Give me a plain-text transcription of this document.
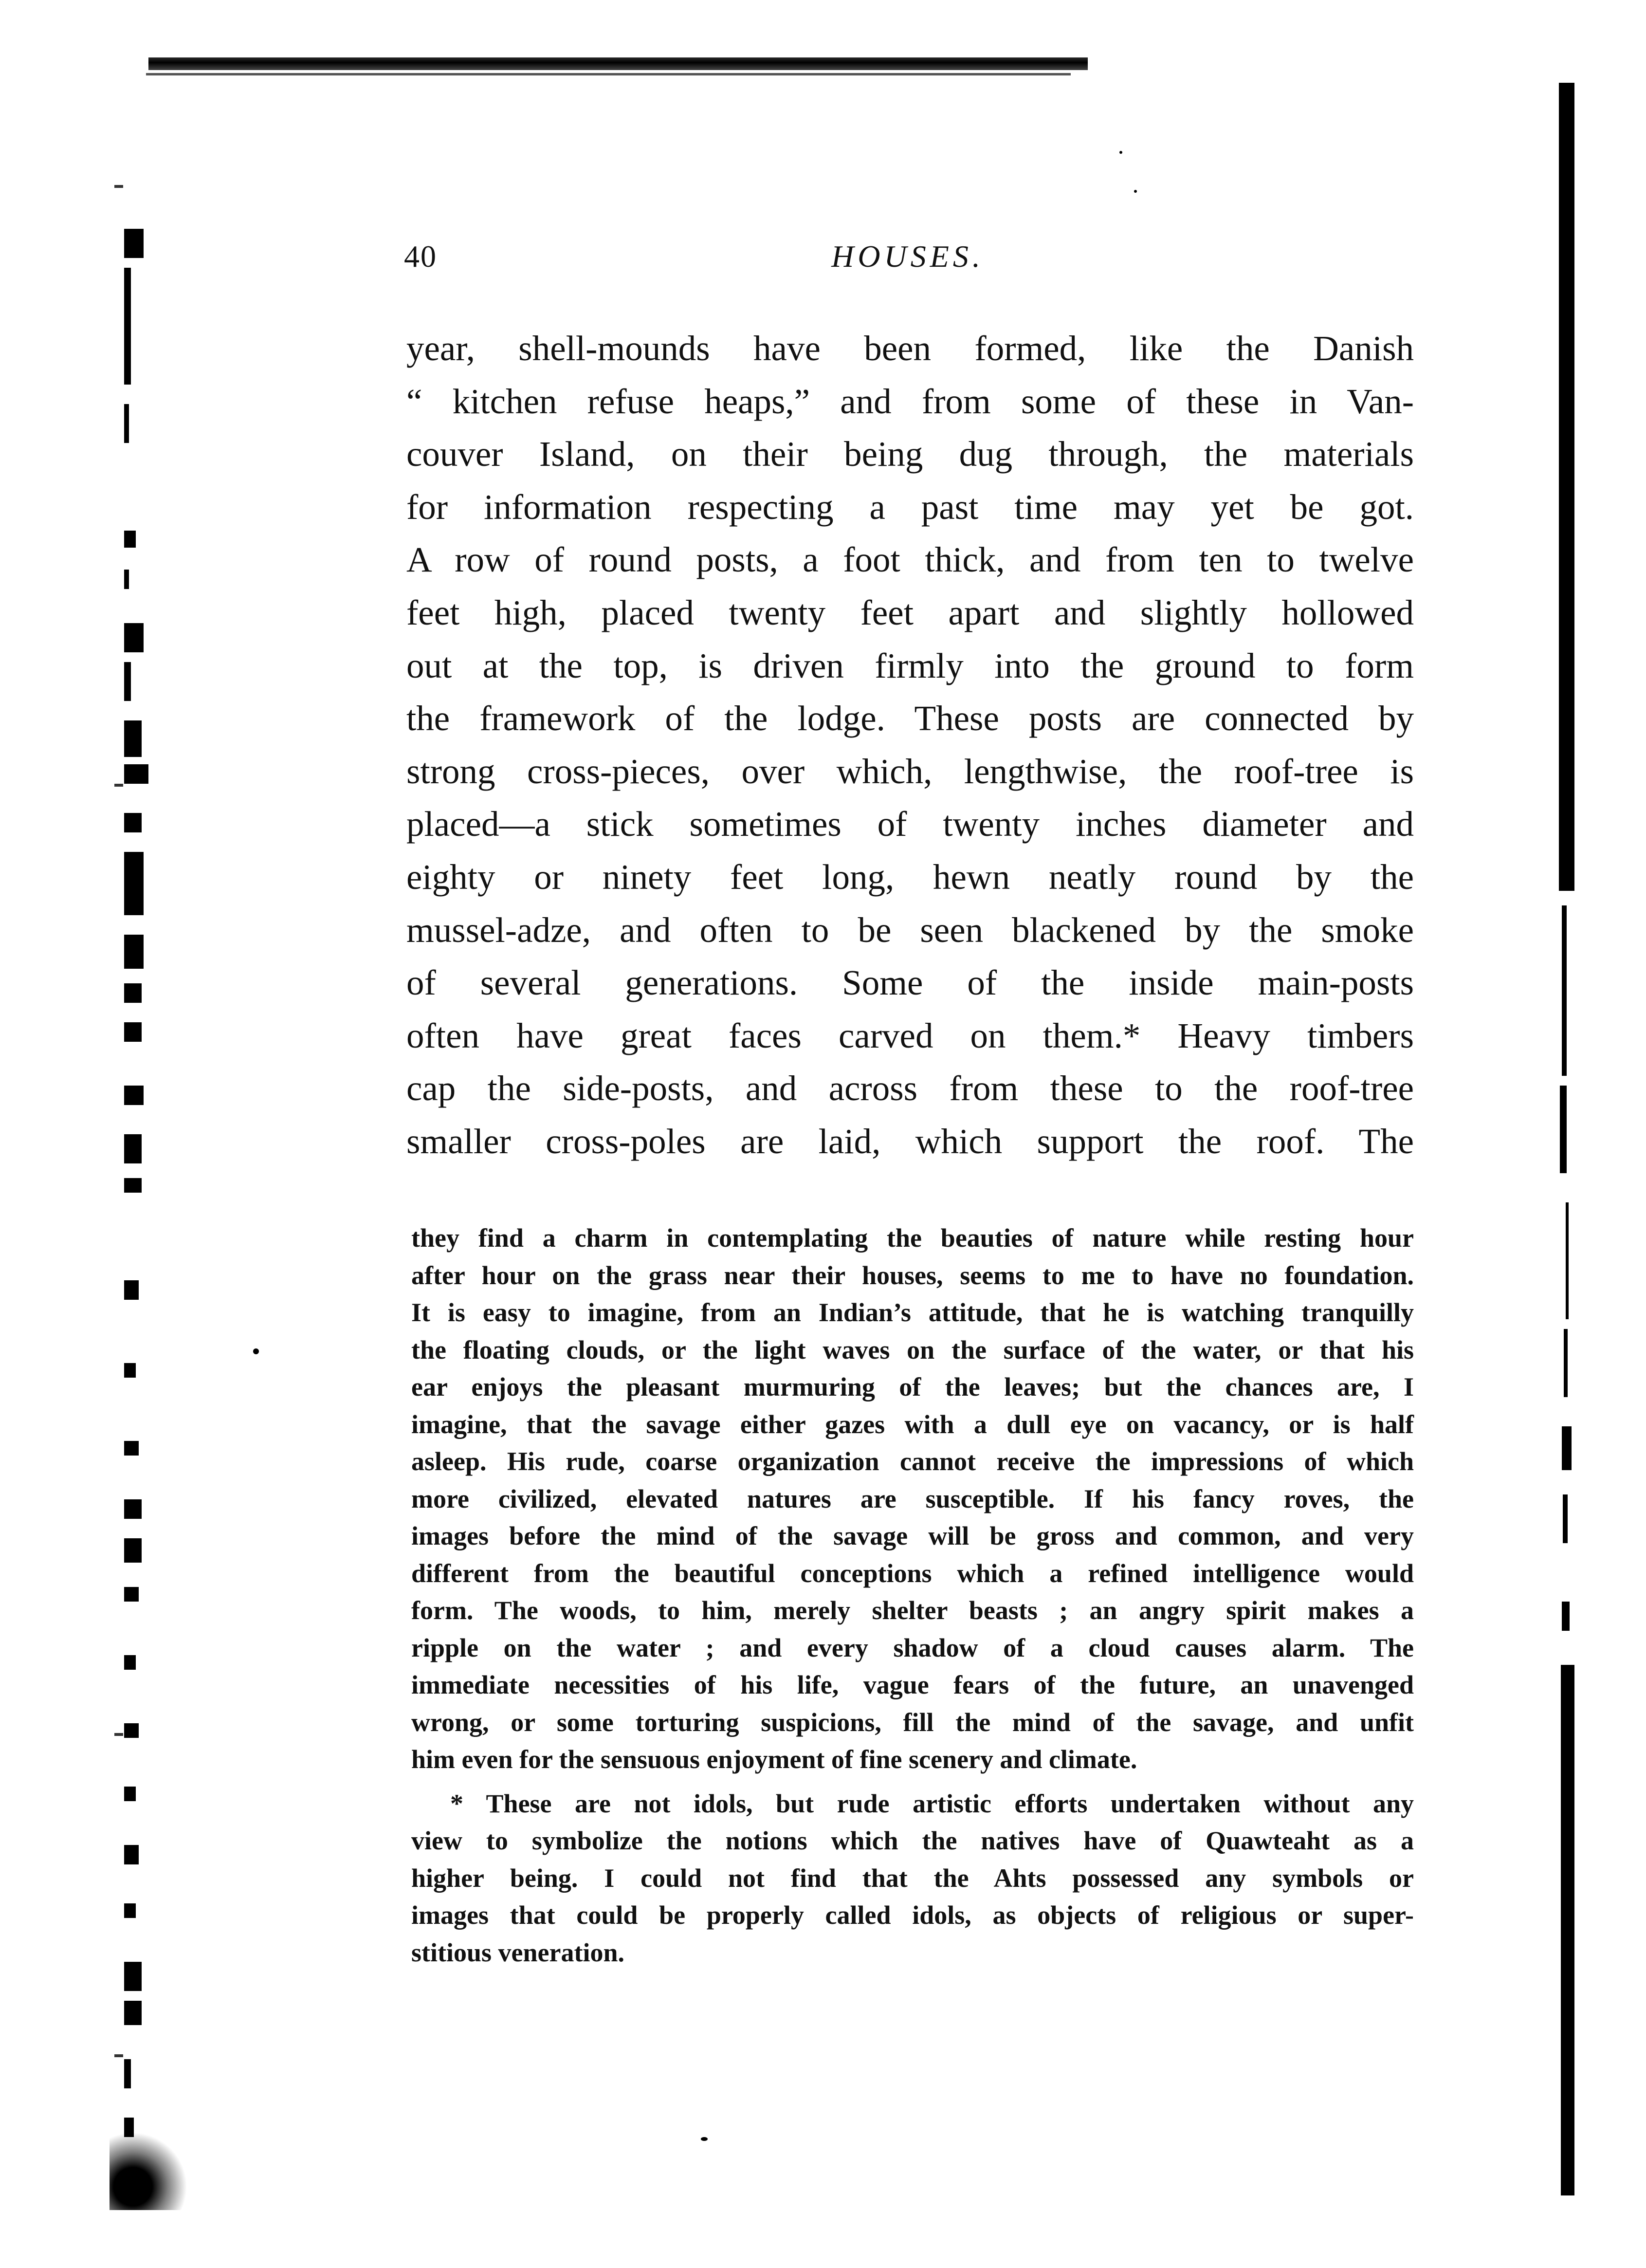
40	HOUSES.
year, shell-mounds have been formed, like the Danish
“ kitchen refuse heaps,” and from some of these in Van-
couver Island, on their being dug through, the materials
for information respecting a past time may yet be got.
A row of round posts, a foot thick, and from ten to twelve
feet high, placed twenty feet apart and slightly hollowed
out at the top, is driven firmly into the ground to form
the framework of the lodge. These posts are connected by
strong cross-pieces, over which, lengthwise, the roof-tree is
placed—a stick sometimes of twenty inches diameter and
eighty or ninety feet long, hewn neatly round by the
mussel-adze, and often to be seen blackened by the smoke
of several generations. Some of the inside main-posts
often have great faces carved on them.* Heavy timbers
cap the side-posts, and across from these to the roof-tree
smaller cross-poles are laid, which support the roof. The
they find a charm in contemplating the beauties of nature while resting hour
after hour on the grass near their houses, seems to me to have no foundation.
It is easy to imagine, from an Indian’s attitude, that he is watching tranquilly
the floating clouds, or the light waves on the surface of the water, or that his
ear enjoys the pleasant murmuring of the leaves; but the chances are, I
imagine, that the savage either gazes with a dull eye on vacancy, or is half
asleep. His rude, coarse organization cannot receive the impressions of which
more civilized, elevated natures are susceptible. If his fancy roves, the
images before the mind of the savage will be gross and common, and very
different from the beautiful conceptions which a refined intelligence would
form. The woods, to him, merely shelter beasts ; an angry spirit makes a
ripple on the water ; and every shadow of a cloud causes alarm. The
immediate necessities of his life, vague fears of the future, an unavenged
wrong, or some torturing suspicions, fill the mind of the savage, and unfit
him even for the sensuous enjoyment of fine scenery and climate.
* These are not idols, but rude artistic efforts undertaken without any
view to symbolize the notions which the natives have of Quawteaht as a
higher being. I could not find that the Ahts possessed any symbols or
images that could be properly called idols, as objects of religious or super-
stitious veneration.
